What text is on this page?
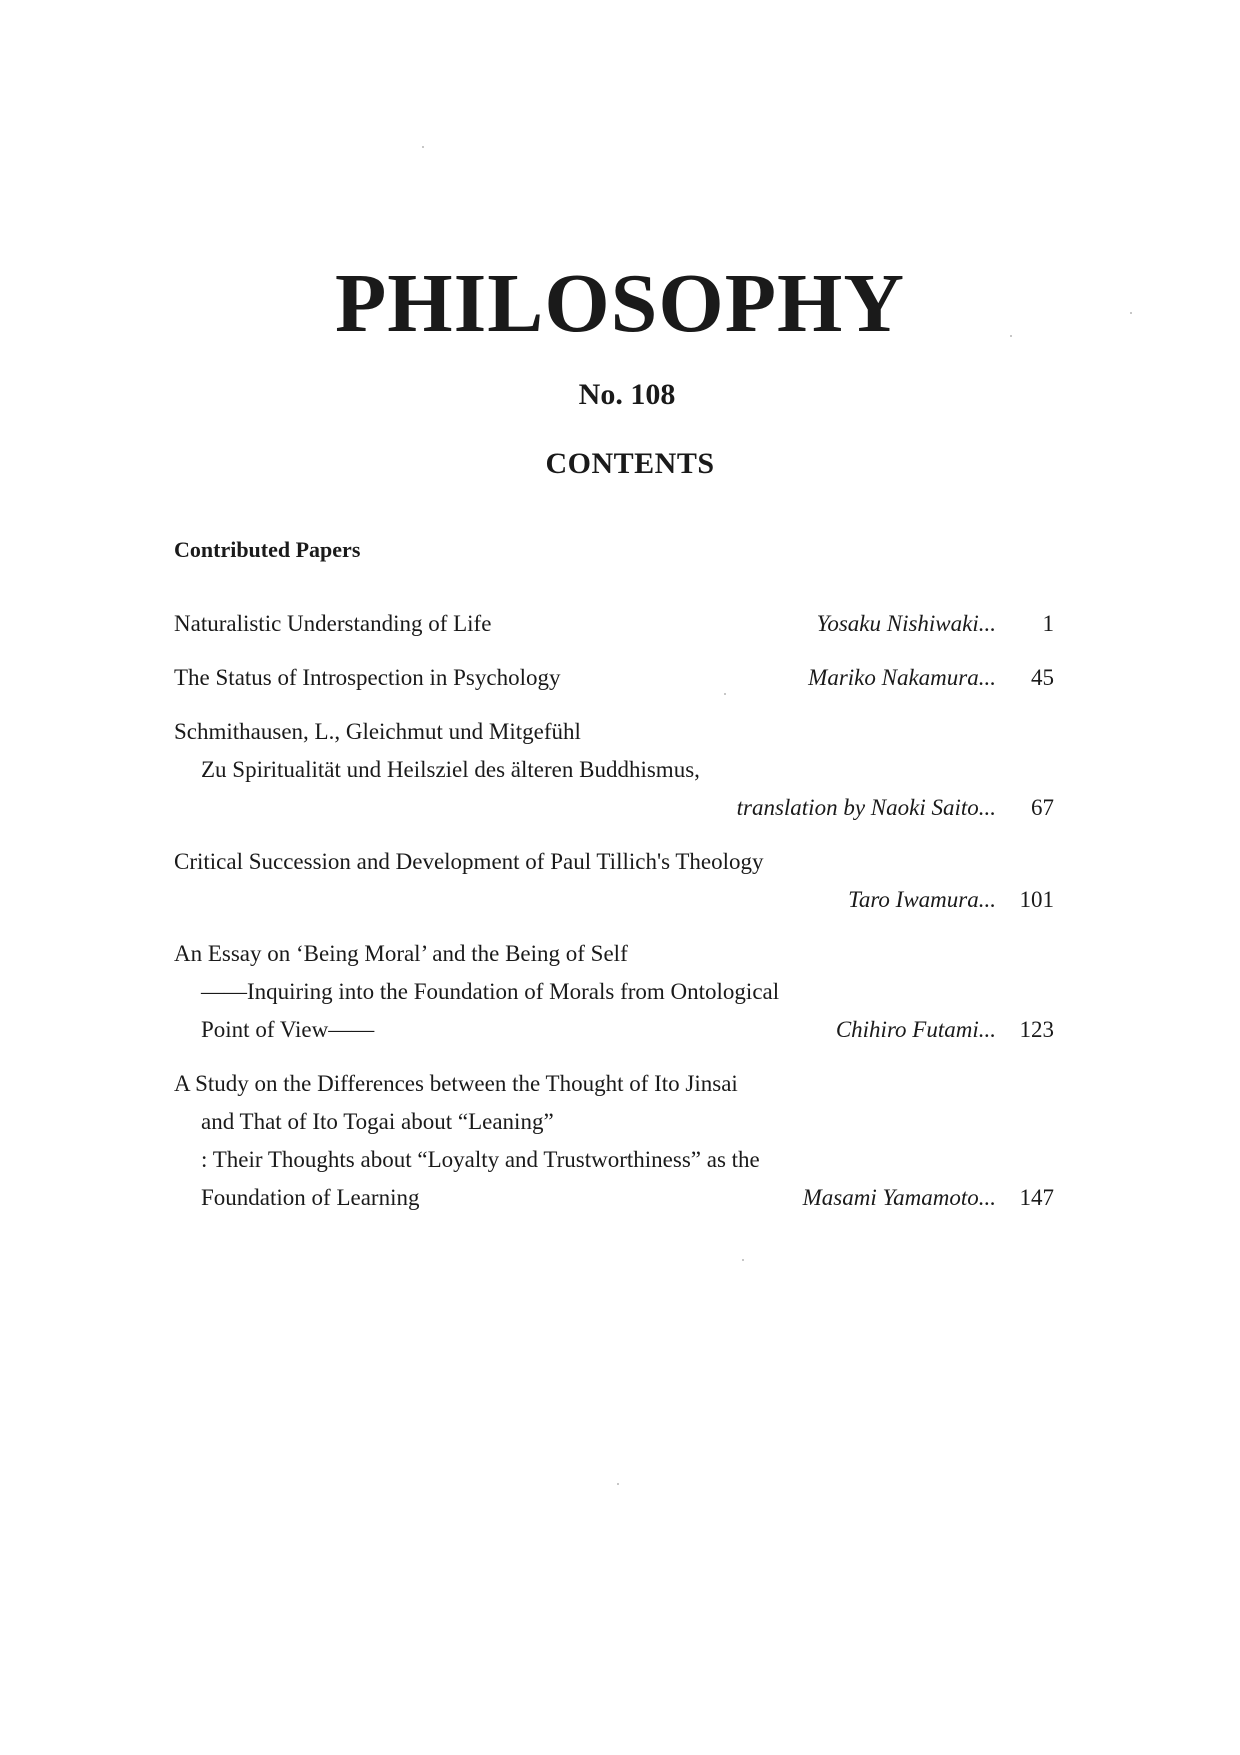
PHILOSOPHY
No. 108
CONTENTS
Contributed Papers
Naturalistic Understanding of Life	Yosaku Nishiwaki...	1
The Status of Introspection in Psychology	Mariko Nakamura...	45
Schmithausen, L., Gleichmut und Mitgefühl
Zu Spiritualität und Heilsziel des älteren Buddhismus,
translation by Naoki Saito...	67
Critical Succession and Development of Paul Tillich's Theology
Taro Iwamura...	101
An Essay on ‘Being Moral’ and the Being of Self
——Inquiring into the Foundation of Morals from Ontological
Point of View——	Chihiro Futami...	123
A Study on the Differences between the Thought of Ito Jinsai
and That of Ito Togai about “Leaning”
: Their Thoughts about “Loyalty and Trustworthiness” as the
Foundation of Learning	Masami Yamamoto...	147
